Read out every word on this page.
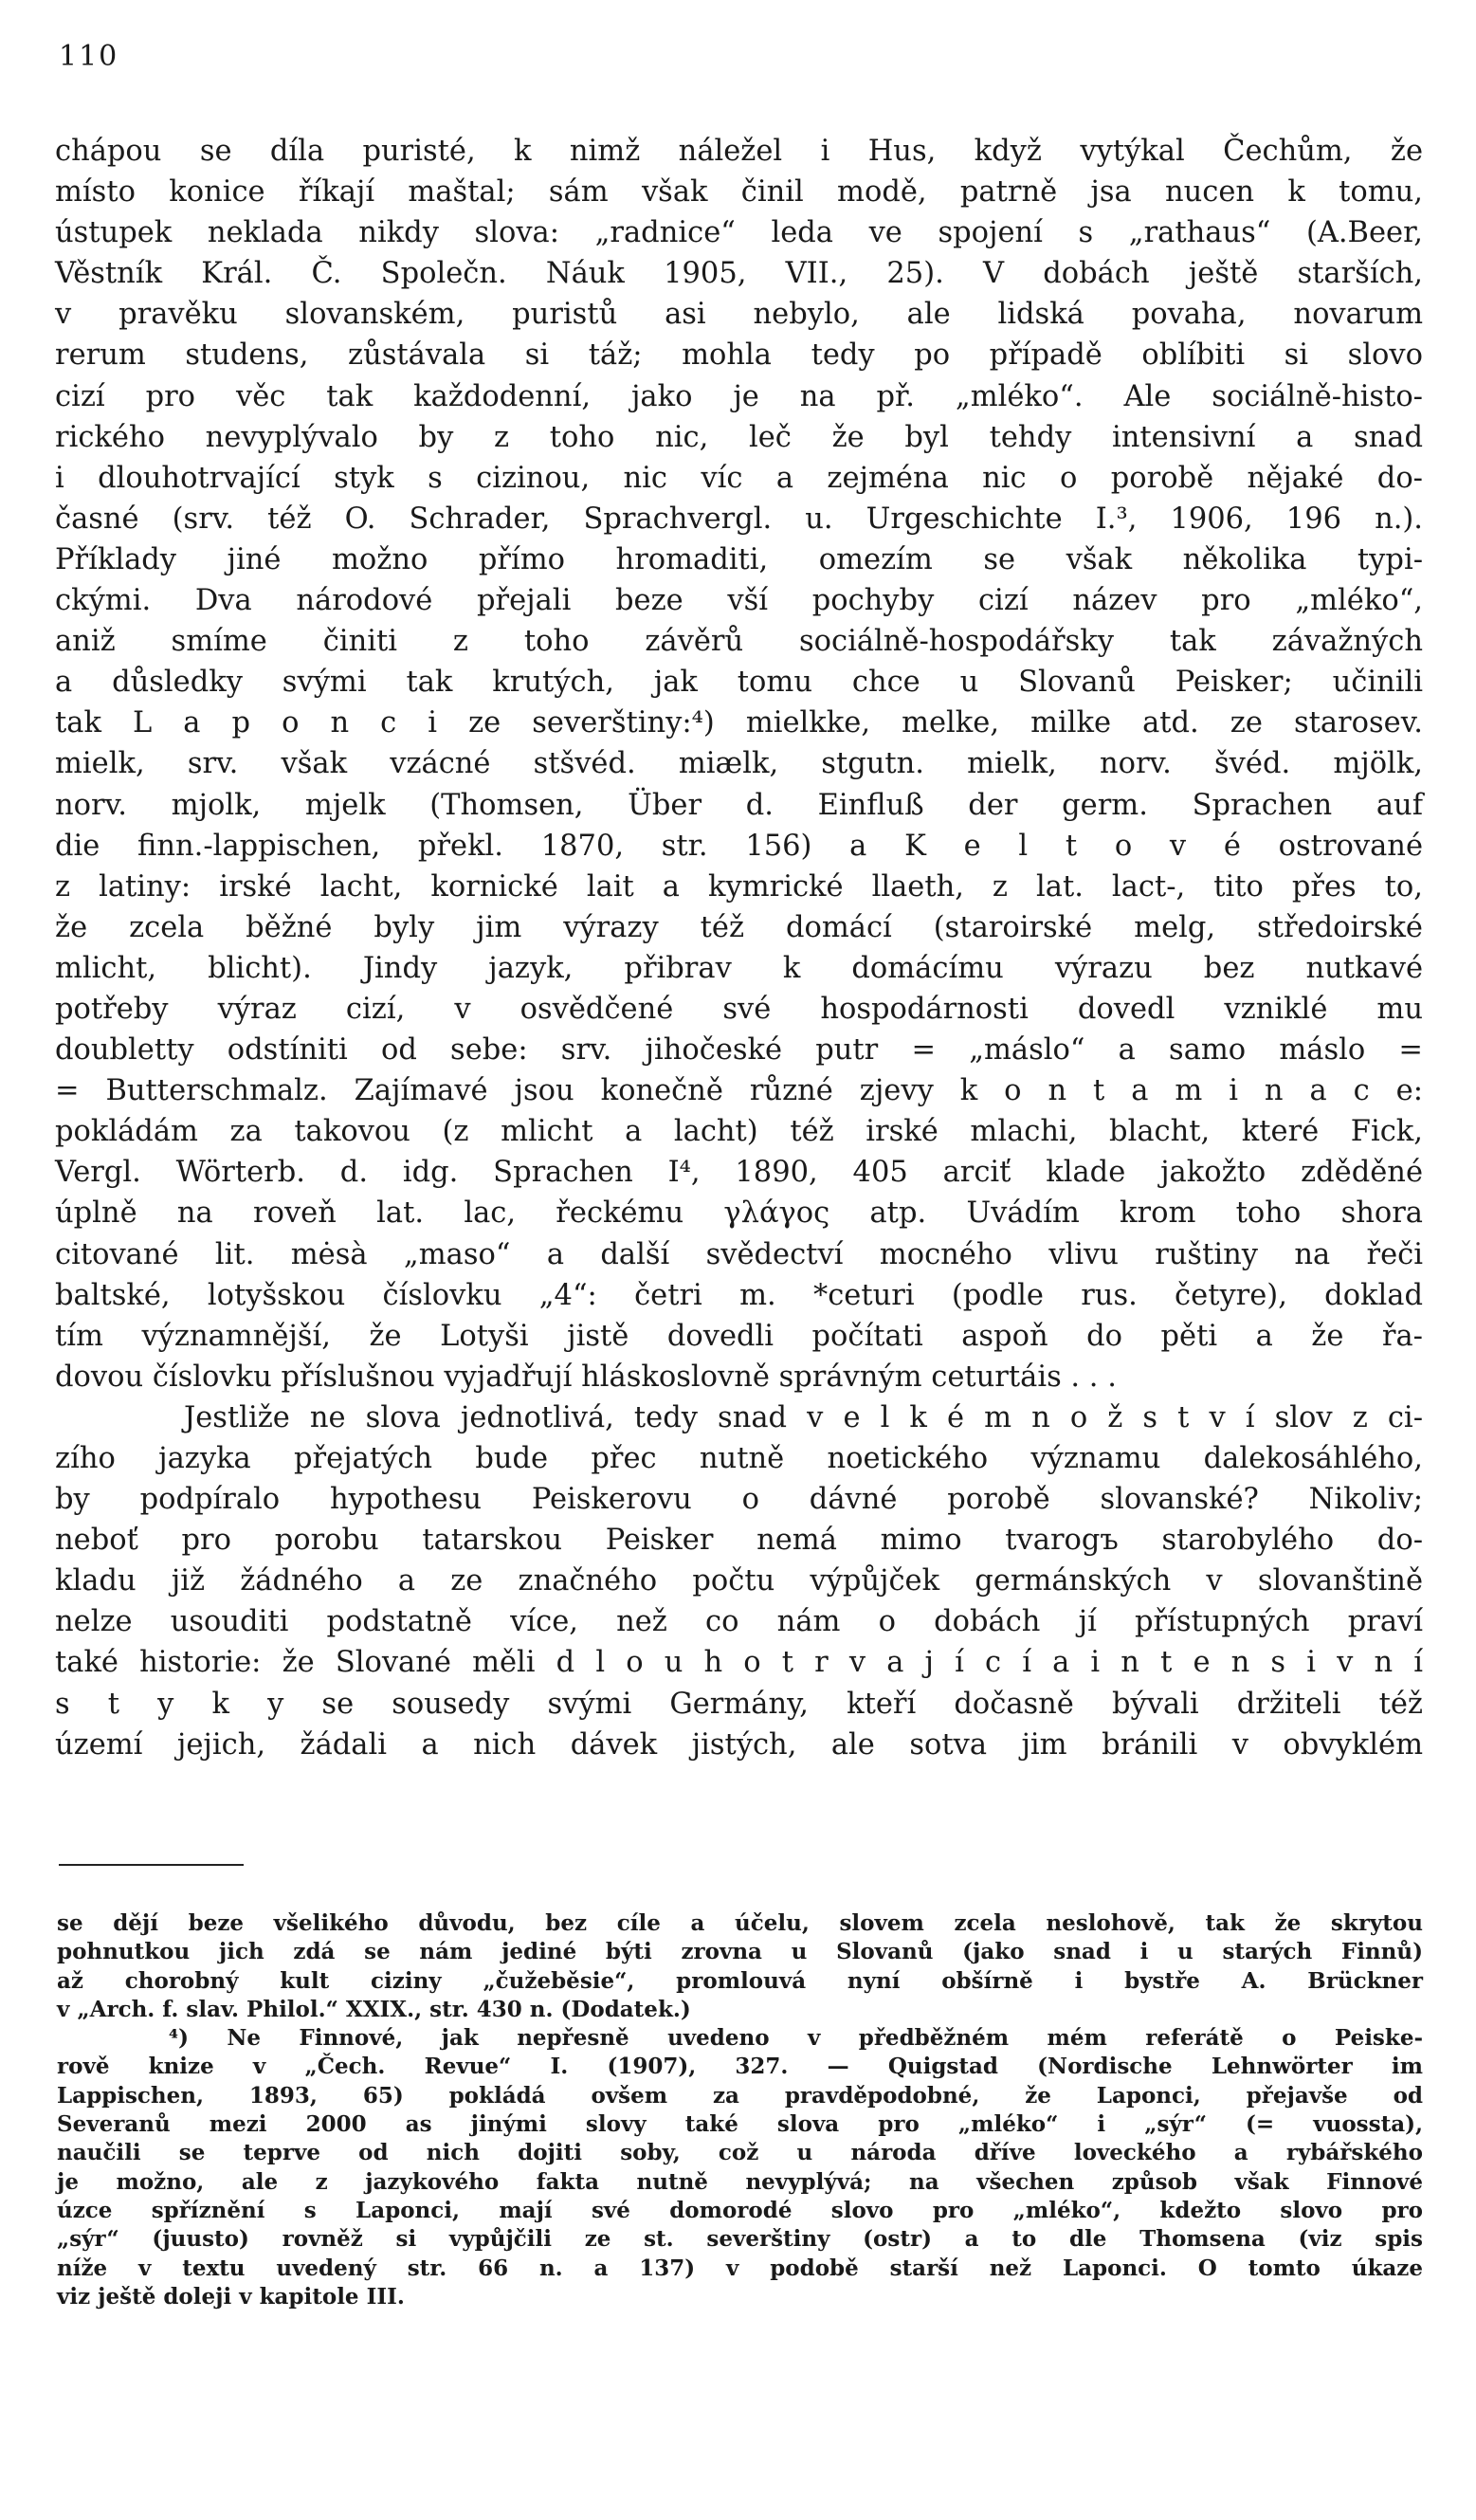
110
chápou se díla puristé, k nimž náležel i Hus, když vytýkal Čechům, že
místo konice říkají maštal; sám však činil modě, patrně jsa nucen k tomu,
ústupek neklada nikdy slova: „radnice“ leda ve spojení s „rathaus“ (A.Beer,
Věstník Král. Č. Společn. Náuk 1905, VII., 25). V dobách ještě starších,
v pravěku slovanském, puristů asi nebylo, ale lidská povaha, novarum
rerum studens, zůstávala si táž; mohla tedy po případě oblíbiti si slovo
cizí pro věc tak každodenní, jako je na př. „mléko“. Ale sociálně-histo-
rického nevyplývalo by z toho nic, leč že byl tehdy intensivní a snad
i dlouhotrvající styk s cizinou, nic víc a zejména nic o porobě nějaké do-
časné (srv. též O. Schrader, Sprachvergl. u. Urgeschichte I.³, 1906, 196 n.).
Příklady jiné možno přímo hromaditi, omezím se však několika typi-
ckými. Dva národové přejali beze vší pochyby cizí název pro „mléko“,
aniž smíme činiti z toho závěrů sociálně-hospodářsky tak závažných
a důsledky svými tak krutých, jak tomu chce u Slovanů Peisker; učinili
tak L a p o n c i ze severštiny:⁴) mielkke, melke, milke atd. ze starosev.
mielk, srv. však vzácné stšvéd. miælk, stgutn. mielk, norv. švéd. mjölk,
norv. mjolk, mjelk (Thomsen, Über d. Einfluß der germ. Sprachen auf
die finn.-lappischen, překl. 1870, str. 156) a K e l t o v é ostrované
z latiny: irské lacht, kornické lait a kymrické llaeth, z lat. lact-, tito přes to,
že zcela běžné byly jim výrazy též domácí (staroirské melg, středoirské
mlicht, blicht). Jindy jazyk, přibrav k domácímu výrazu bez nutkavé
potřeby výraz cizí, v osvědčené své hospodárnosti dovedl vzniklé mu
doubletty odstíniti od sebe: srv. jihočeské putr = „máslo“ a samo máslo =
= Butterschmalz. Zajímavé jsou konečně různé zjevy k o n t a m i n a c e:
pokládám za takovou (z mlicht a lacht) též irské mlachi, blacht, které Fick,
Vergl. Wörterb. d. idg. Sprachen I⁴, 1890, 405 arciť klade jakožto zděděné
úplně na roveň lat. lac, řeckému γλάγος atp. Uvádím krom toho shora
citované lit. mėsà „maso“ a další svědectví mocného vlivu ruštiny na řeči
baltské, lotyšskou číslovku „4“: četri m. *ceturi (podle rus. četyre), doklad
tím významnější, že Lotyši jistě dovedli počítati aspoň do pěti a že řa-
dovou číslovku příslušnou vyjadřují hláskoslovně správným ceturtáis . . .
Jestliže ne slova jednotlivá, tedy snad v e l k é m n o ž s t v í slov z ci-
zího jazyka přejatých bude přec nutně noetického významu dalekosáhlého,
by podpíralo hypothesu Peiskerovu o dávné porobě slovanské? Nikoliv;
neboť pro porobu tatarskou Peisker nemá mimo tvarogъ starobylého do-
kladu již žádného a ze značného počtu výpůjček germánských v slovanštině
nelze usouditi podstatně více, než co nám o dobách jí přístupných praví
také historie: že Slované měli d l o u h o t r v a j í c í a i n t e n s i v n í
s t y k y se sousedy svými Germány, kteří dočasně bývali držiteli též
území jejich, žádali a nich dávek jistých, ale sotva jim bránili v obvyklém
se dějí beze všelikého důvodu, bez cíle a účelu, slovem zcela neslohově, tak že skrytou
pohnutkou jich zdá se nám jediné býti zrovna u Slovanů (jako snad i u starých Finnů)
až chorobný kult ciziny „čužeběsie“, promlouvá nyní obšírně i bystře A. Brückner
v „Arch. f. slav. Philol.“ XXIX., str. 430 n. (Dodatek.)
⁴) Ne Finnové, jak nepřesně uvedeno v předběžném mém referátě o Peiske-
rově knize v „Čech. Revue“ I. (1907), 327. — Quigstad (Nordische Lehnwörter im
Lappischen, 1893, 65) pokládá ovšem za pravděpodobné, že Laponci, přejavše od
Severanů mezi 2000 as jinými slovy také slova pro „mléko“ i „sýr“ (= vuossta),
naučili se teprve od nich dojiti soby, což u národa dříve loveckého a rybářského
je možno, ale z jazykového fakta nutně nevyplývá; na všechen způsob však Finnové
úzce spříznění s Laponci, mají své domorodé slovo pro „mléko“, kdežto slovo pro
„sýr“ (juusto) rovněž si vypůjčili ze st. severštiny (ostr) a to dle Thomsena (viz spis
níže v textu uvedený str. 66 n. a 137) v podobě starší než Laponci. O tomto úkaze
viz ještě doleji v kapitole III.
